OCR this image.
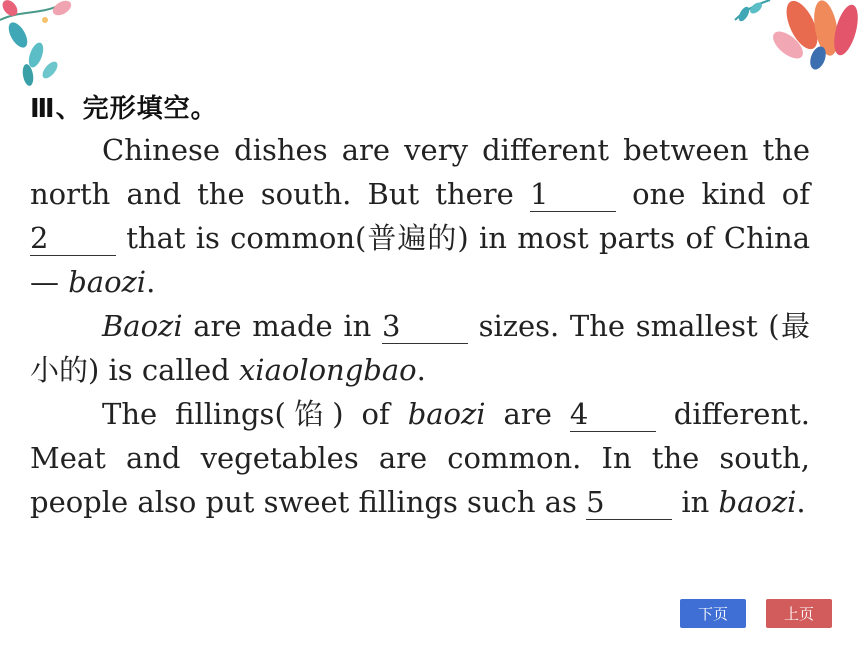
Ⅲ、完形填空。

Chinese dishes are very different between the north and the south. But there 1 one kind of 2 that is common(普遍的) in most parts of China — baozi.

Baozi are made in 3 sizes. The smallest (最小的) is called xiaolongbao.

The fillings(馅) of baozi are 4 different. Meat and vegetables are common. In the south, people also put sweet fillings such as 5 in baozi.

下页	上页
